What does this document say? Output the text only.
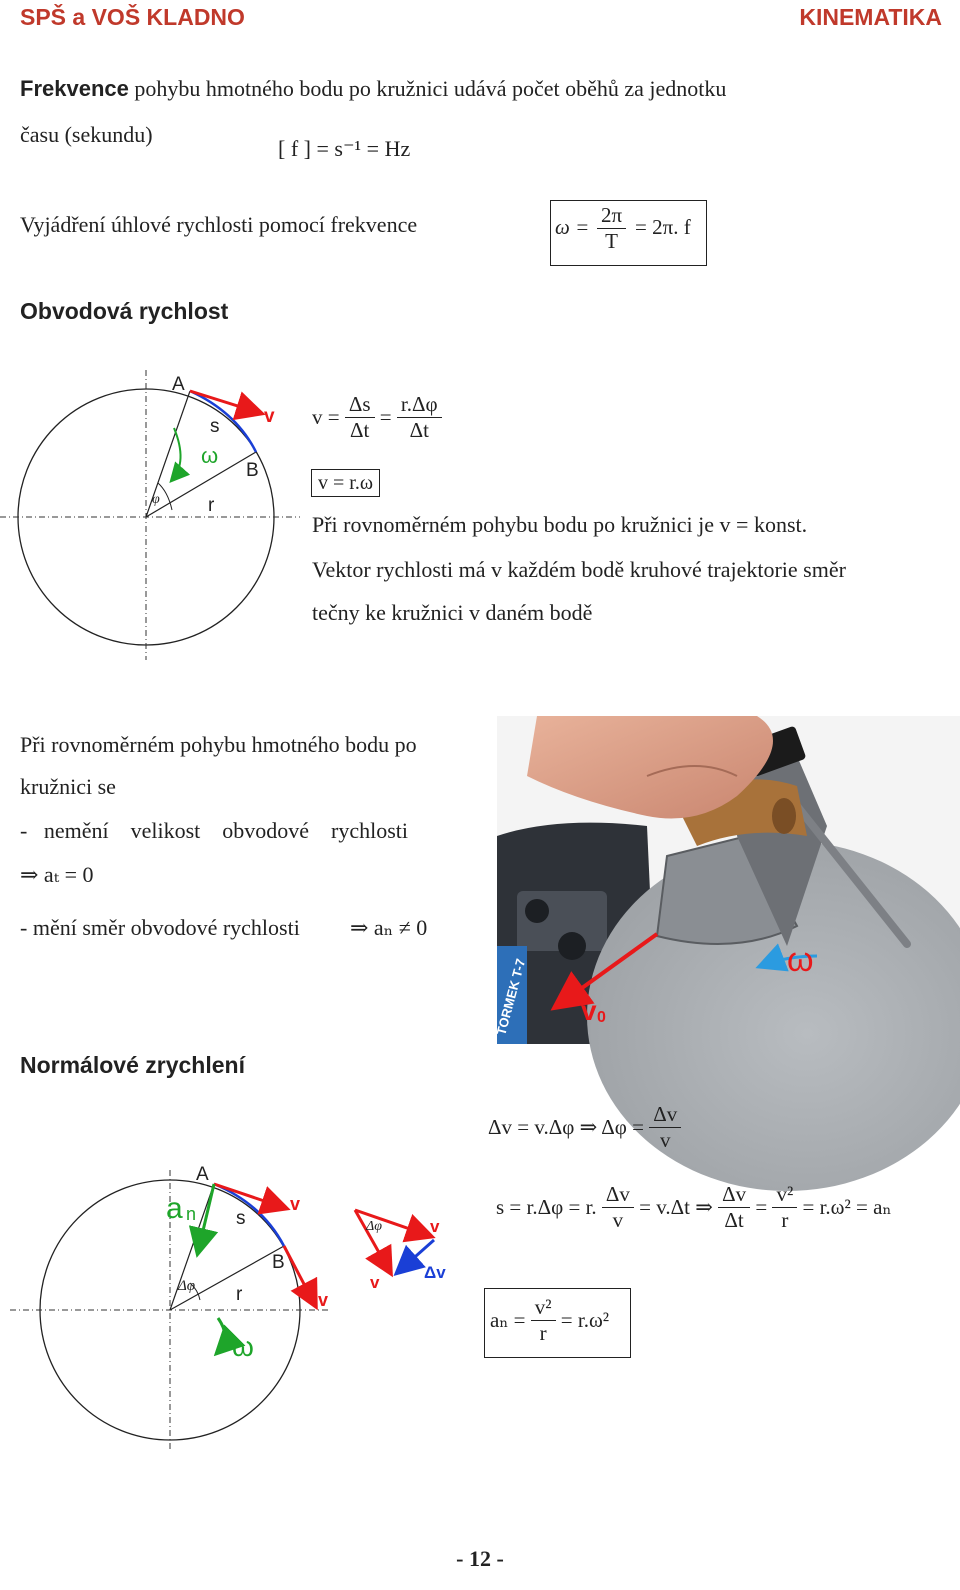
SPŠ a VOŠ KLADNO	KINEMATIKA
Frekvence pohybu hmotného bodu po kružnici udává počet oběhů za jednotku
času (sekundu)
[ f ] = s⁻¹ = Hz
Vyjádření úhlové rychlosti pomocí frekvence	$\omega = \frac{2\pi}{T} = 2\pi$. f
Obvodová rychlost
A
B
s v
r
ω
φ
$v = \frac{\Delta s}{\Delta t} = \frac{r.\Delta\varphi}{\Delta t}$
v = r.ω
Při rovnoměrném pohybu bodu po kružnici je v = konst.
Vektor rychlosti má v každém bodě kruhové trajektorie směr
tečny ke kružnici v daném bodě
Při rovnoměrném pohybu hmotného bodu po
kružnici se
-   nemění    velikost    obvodové    rychlosti
⇒ aₜ = 0
- mění směr obvodové rychlosti ⇒ aₙ ≠ 0
TORMEK T-7	ω
v 0
Normálové zrychlení
Δv = v.Δφ ⇒ $\Delta\varphi = \frac{\Delta v}{v}$
s = r.Δφ = r. $\frac{\Delta v}{v} = v.\Delta t$ ⇒ $\frac{\Delta v}{\Delta t} = \frac{\text{v²}}{r} = r.\omega^2 = a_n$
$a_n = \frac{\text{v²}}{r} = r.\omega^2$
A
B
a n s
v
v
r
Δφ
ω
Δφ	v
v
Δv
- 12 -
